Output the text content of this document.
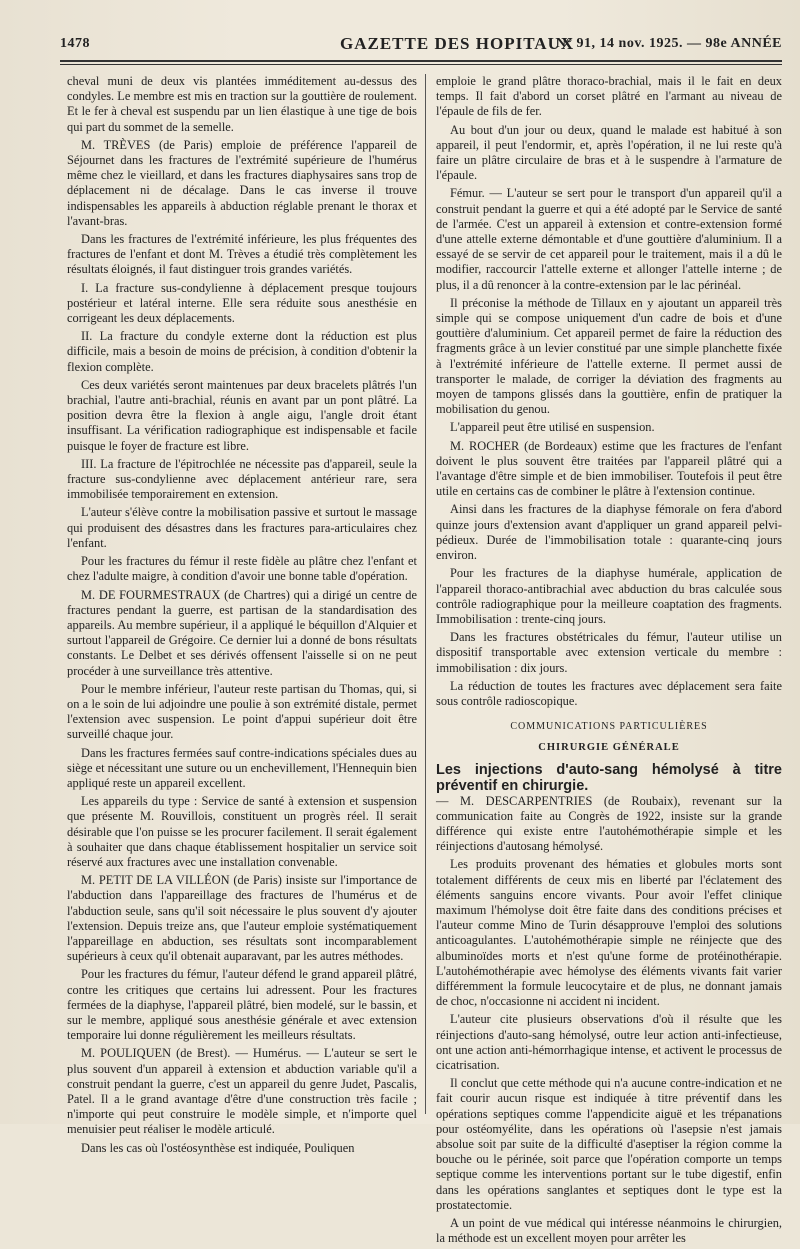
1478	GAZETTE DES HOPITAUX
N° 91, 14 nov. 1925. — 98e ANNÉE

cheval muni de deux vis plantées imméditement au-dessus des condyles. Le membre est mis en traction sur la gouttière de roulement. Et le fer à cheval est suspendu par un lien élastique à une tige de bois qui part du sommet de la semelle.

M. TRÈVES (de Paris) emploie de préférence l'appareil de Séjournet dans les fractures de l'extrémité supérieure de l'humérus même chez le vieillard, et dans les fractures diaphysaires sans trop de déplacement ni de décalage. Dans le cas inverse il trouve indispensables les appareils à abduction réglable prenant le thorax et l'avant-bras.

Dans les fractures de l'extrémité inférieure, les plus fréquentes des fractures de l'enfant et dont M. Trèves a étudié très complètement les résultats éloignés, il faut distinguer trois grandes variétés.

I. La fracture sus-condylienne à déplacement presque toujours postérieur et latéral interne. Elle sera réduite sous anesthésie en corrigeant les deux déplacements.

II. La fracture du condyle externe dont la réduction est plus difficile, mais a besoin de moins de précision, à condition d'obtenir la flexion complète.

Ces deux variétés seront maintenues par deux bracelets plâtrés l'un brachial, l'autre anti-brachial, réunis en avant par un pont plâtré. La position devra être la flexion à angle aigu, l'angle droit étant insuffisant. La vérification radiographique est indispensable et facile puisque le foyer de fracture est libre.

III. La fracture de l'épitrochlée ne nécessite pas d'appareil, seule la fracture sus-condylienne avec déplacement antérieur rare, sera immobilisée temporairement en extension.

L'auteur s'élève contre la mobilisation passive et surtout le massage qui produisent des désastres dans les fractures para-articulaires chez l'enfant.

Pour les fractures du fémur il reste fidèle au plâtre chez l'enfant et chez l'adulte maigre, à condition d'avoir une bonne table d'opération.

M. DE FOURMESTRAUX (de Chartres) qui a dirigé un centre de fractures pendant la guerre, est partisan de la standardisation des appareils. Au membre supérieur, il a appliqué le béquillon d'Alquier et surtout l'appareil de Grégoire. Ce dernier lui a donné de bons résultats constants. Le Delbet et ses dérivés offensent l'aisselle si on ne peut procéder à une surveillance très attentive.

Pour le membre inférieur, l'auteur reste partisan du Thomas, qui, si on a le soin de lui adjoindre une poulie à son extrémité distale, permet l'extension avec suspension. Le point d'appui supérieur doit être surveillé chaque jour.

Dans les fractures fermées sauf contre-indications spéciales dues au siège et nécessitant une suture ou un enchevillement, l'Hennequin bien appliqué reste un appareil excellent.

Les appareils du type : Service de santé à extension et suspension que présente M. Rouvillois, constituent un progrès réel. Il serait désirable que l'on puisse se les procurer facilement. Il serait également à souhaiter que dans chaque établissement hospitalier un service soit réservé aux fractures avec une installation convenable.

M. PETIT DE LA VILLÉON (de Paris) insiste sur l'importance de l'abduction dans l'appareillage des fractures de l'humérus et de l'abduction seule, sans qu'il soit nécessaire le plus souvent d'y ajouter l'extension. Depuis treize ans, que l'auteur emploie systématiquement l'appareillage en abduction, ses résultats sont incomparablement supérieurs à ceux qu'il obtenait auparavant, par les autres méthodes.

Pour les fractures du fémur, l'auteur défend le grand appareil plâtré, contre les critiques que certains lui adressent. Pour les fractures fermées de la diaphyse, l'appareil plâtré, bien modelé, sur le bassin, et sur le membre, appliqué sous anesthésie générale et avec extension temporaire lui donne régulièrement les meilleurs résultats.

M. POULIQUEN (de Brest). — Humérus. — L'auteur se sert le plus souvent d'un appareil à extension et abduction variable qu'il a construit pendant la guerre, c'est un appareil du genre Judet, Pascalis, Patel. Il a le grand avantage d'être d'une construction très facile ; n'importe qui peut construire le modèle simple, et n'importe quel menuisier peut réaliser le modèle articulé.

Dans les cas où l'ostéosynthèse est indiquée, Pouliquen

emploie le grand plâtre thoraco-brachial, mais il le fait en deux temps. Il fait d'abord un corset plâtré en l'armant au niveau de l'épaule de fils de fer.

Au bout d'un jour ou deux, quand le malade est habitué à son appareil, il peut l'endormir, et, après l'opération, il ne lui reste qu'à faire un plâtre circulaire de bras et à le suspendre à l'armature de l'épaule.

Fémur. — L'auteur se sert pour le transport d'un appareil qu'il a construit pendant la guerre et qui a été adopté par le Service de santé de l'armée. C'est un appareil à extension et contre-extension formé d'une attelle externe démontable et d'une gouttière d'aluminium. Il a essayé de se servir de cet appareil pour le traitement, mais il a dû le modifier, raccourcir l'attelle externe et allonger l'attelle interne ; de plus, il a dû renoncer à la contre-extension par le lac périnéal.

Il préconise la méthode de Tillaux en y ajoutant un appareil très simple qui se compose uniquement d'un cadre de bois et d'une gouttière d'aluminium. Cet appareil permet de faire la réduction des fragments grâce à un levier constitué par une simple planchette fixée à l'extrémité inférieure de l'attelle externe. Il permet aussi de transporter le malade, de corriger la déviation des fragments au moyen de tampons glissés dans la gouttière, enfin de pratiquer la mobilisation du genou.

L'appareil peut être utilisé en suspension.

M. ROCHER (de Bordeaux) estime que les fractures de l'enfant doivent le plus souvent être traitées par l'appareil plâtré qui a l'avantage d'être simple et de bien immobiliser. Toutefois il peut être utile en certains cas de combiner le plâtre à l'extension continue.

Ainsi dans les fractures de la diaphyse fémorale on fera d'abord quinze jours d'extension avant d'appliquer un grand appareil pelvi-pédieux. Durée de l'immobilisation totale : quarante-cinq jours environ.

Pour les fractures de la diaphyse humérale, application de l'appareil thoraco-antibrachial avec abduction du bras calculée sous contrôle radiographique pour la meilleure coaptation des fragments. Immobilisation : trente-cinq jours.

Dans les fractures obstétricales du fémur, l'auteur utilise un dispositif transportable avec extension verticale du membre : immobilisation : dix jours.

La réduction de toutes les fractures avec déplacement sera faite sous contrôle radioscopique.

COMMUNICATIONS PARTICULIÈRES
CHIRURGIE GÉNÉRALE
Les injections d'auto-sang hémolysé à titre préventif en chirurgie.

— M. DESCARPENTRIES (de Roubaix), revenant sur la communication faite au Congrès de 1922, insiste sur la grande différence qui existe entre l'autohémothérapie simple et les réinjections d'autosang hémolysé.

Les produits provenant des hématies et globules morts sont totalement différents de ceux mis en liberté par l'éclatement des éléments sanguins encore vivants. Pour avoir l'effet clinique maximum l'hémolyse doit être faite dans des conditions précises et l'auteur comme Mino de Turin désapprouve l'emploi des solutions anticoagulantes. L'autohémothérapie simple ne réinjecte que des albuminoïdes morts et n'est qu'une forme de protéinothérapie. L'autohémothérapie avec hémolyse des éléments vivants fait varier différemment la formule leucocytaire et de plus, ne donnant jamais de choc, n'occasionne ni accident ni incident.

L'auteur cite plusieurs observations d'où il résulte que les réinjections d'auto-sang hémolysé, outre leur action anti-infectieuse, ont une action anti-hémorrhagique intense, et activent le processus de cicatrisation.

Il conclut que cette méthode qui n'a aucune contre-indication et ne fait courir aucun risque est indiquée à titre préventif dans les opérations septiques comme l'appendicite aiguë et les trépanations pour ostéomyélite, dans les opérations où l'asepsie n'est jamais absolue soit par suite de la difficulté d'aseptiser la région comme la bouche ou le périnée, soit parce que l'opération comporte un temps septique comme les interventions portant sur le tube digestif, enfin dans les opérations sanglantes et septiques dont le type est la prostatectomie.

A un point de vue médical qui intéresse néanmoins le chirurgien, la méthode est un excellent moyen pour arrêter les
